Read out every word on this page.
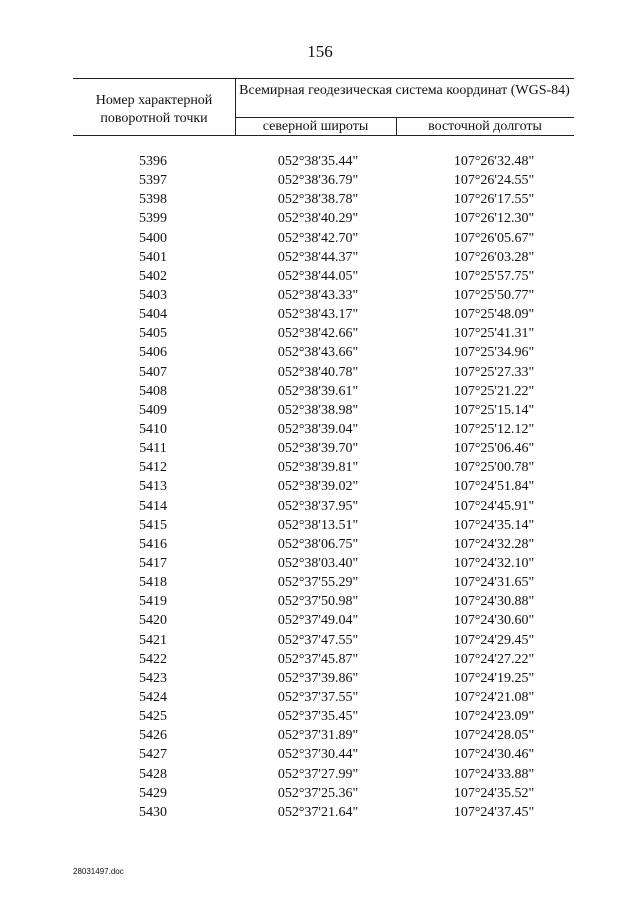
156
Номер характерной поворотной точки
Всемирная геодезическая система координат (WGS-84)
северной широты	восточной долготы
5396	052°38'35.44"	107°26'32.48"
5397	052°38'36.79"	107°26'24.55"
5398	052°38'38.78"	107°26'17.55"
5399	052°38'40.29"	107°26'12.30"
5400	052°38'42.70"	107°26'05.67"
5401	052°38'44.37"	107°26'03.28"
5402	052°38'44.05"	107°25'57.75"
5403	052°38'43.33"	107°25'50.77"
5404	052°38'43.17"	107°25'48.09"
5405	052°38'42.66"	107°25'41.31"
5406	052°38'43.66"	107°25'34.96"
5407	052°38'40.78"	107°25'27.33"
5408	052°38'39.61"	107°25'21.22"
5409	052°38'38.98"	107°25'15.14"
5410	052°38'39.04"	107°25'12.12"
5411	052°38'39.70"	107°25'06.46"
5412	052°38'39.81"	107°25'00.78"
5413	052°38'39.02"	107°24'51.84"
5414	052°38'37.95"	107°24'45.91"
5415	052°38'13.51"	107°24'35.14"
5416	052°38'06.75"	107°24'32.28"
5417	052°38'03.40"	107°24'32.10"
5418	052°37'55.29"	107°24'31.65"
5419	052°37'50.98"	107°24'30.88"
5420	052°37'49.04"	107°24'30.60"
5421	052°37'47.55"	107°24'29.45"
5422	052°37'45.87"	107°24'27.22"
5423	052°37'39.86"	107°24'19.25"
5424	052°37'37.55"	107°24'21.08"
5425	052°37'35.45"	107°24'23.09"
5426	052°37'31.89"	107°24'28.05"
5427	052°37'30.44"	107°24'30.46"
5428	052°37'27.99"	107°24'33.88"
5429	052°37'25.36"	107°24'35.52"
5430	052°37'21.64"	107°24'37.45"
28031497.doc
